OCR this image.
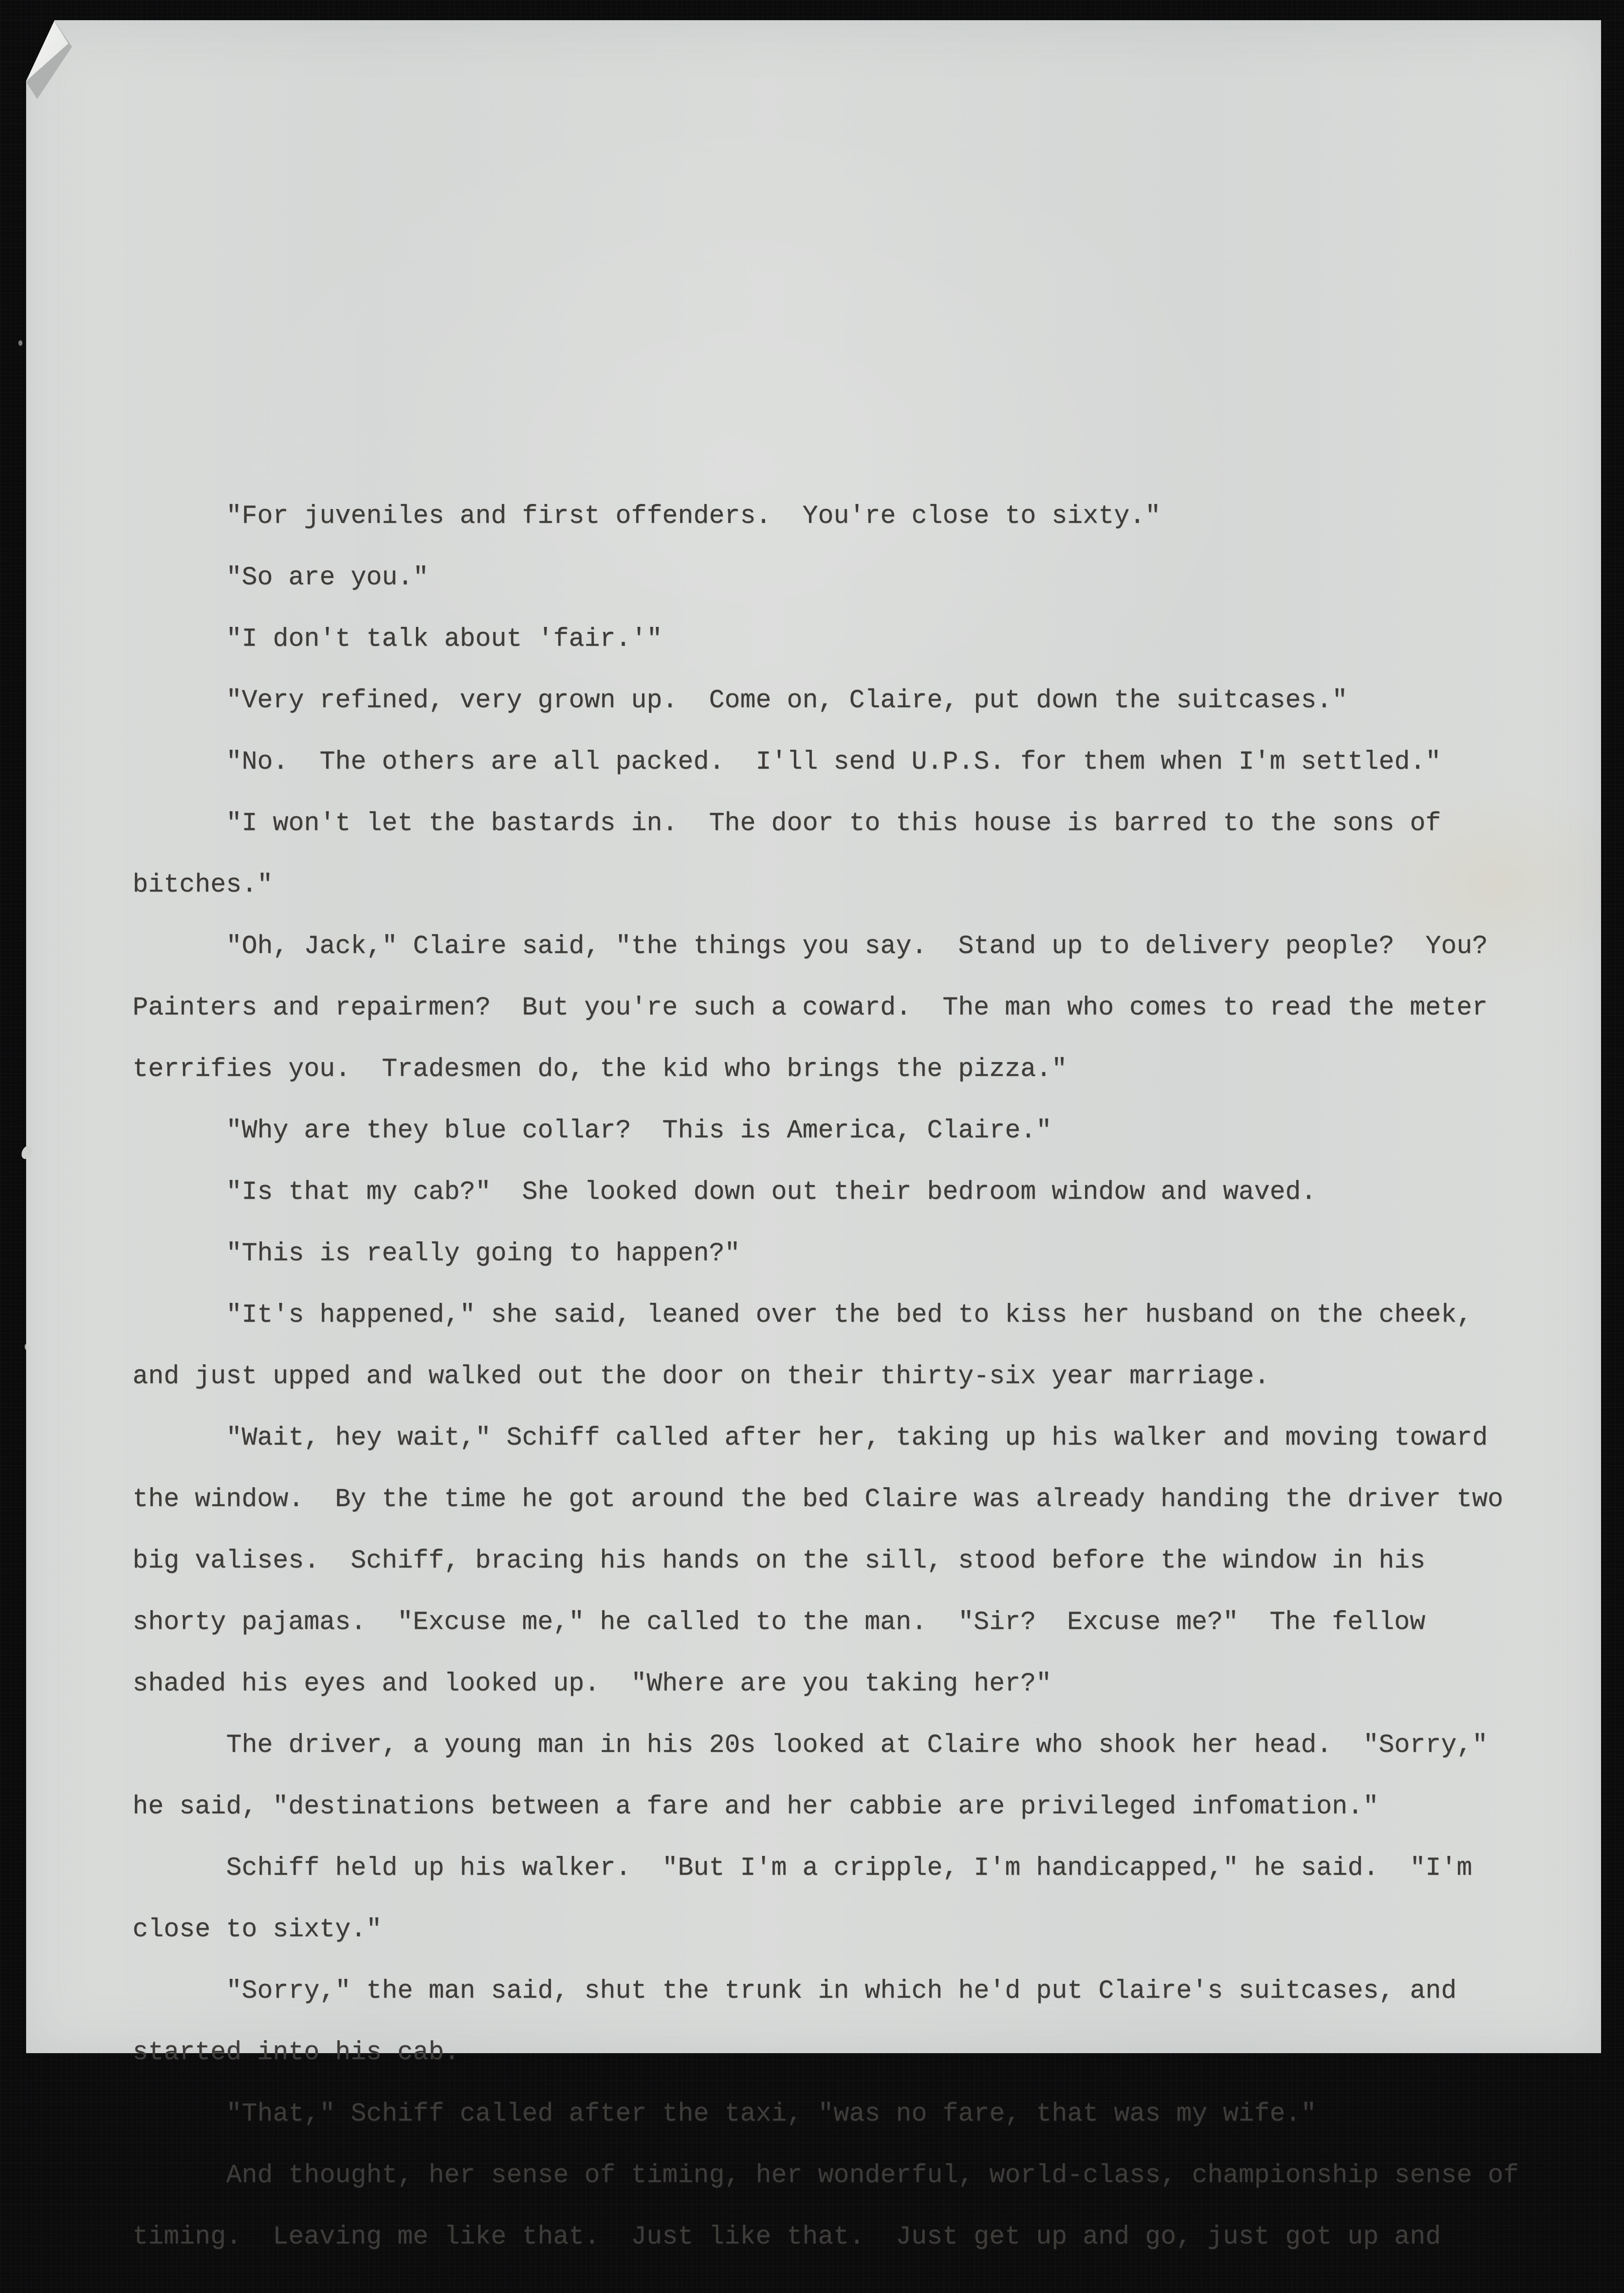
"For juveniles and first offenders.  You're close to sixty."
"So are you."
"I don't talk about 'fair.'"
"Very refined, very grown up.  Come on, Claire, put down the suitcases."
"No.  The others are all packed.  I'll send U.P.S. for them when I'm settled."
"I won't let the bastards in.  The door to this house is barred to the sons of
bitches."
"Oh, Jack," Claire said, "the things you say.  Stand up to delivery people?  You?
Painters and repairmen?  But you're such a coward.  The man who comes to read the meter
terrifies you.  Tradesmen do, the kid who brings the pizza."
"Why are they blue collar?  This is America, Claire."
"Is that my cab?"  She looked down out their bedroom window and waved.
"This is really going to happen?"
"It's happened," she said, leaned over the bed to kiss her husband on the cheek,
and just upped and walked out the door on their thirty-six year marriage.
"Wait, hey wait," Schiff called after her, taking up his walker and moving toward
the window.  By the time he got around the bed Claire was already handing the driver two
big valises.  Schiff, bracing his hands on the sill, stood before the window in his
shorty pajamas.  "Excuse me," he called to the man.  "Sir?  Excuse me?"  The fellow
shaded his eyes and looked up.  "Where are you taking her?"
The driver, a young man in his 20s looked at Claire who shook her head.  "Sorry,"
he said, "destinations between a fare and her cabbie are privileged infomation."
Schiff held up his walker.  "But I'm a cripple, I'm handicapped," he said.  "I'm
close to sixty."
"Sorry," the man said, shut the trunk in which he'd put Claire's suitcases, and
started into his cab.
"That," Schiff called after the taxi, "was no fare, that was my wife."
And thought, her sense of timing, her wonderful, world-class, championship sense of
timing.  Leaving me like that.  Just like that.  Just get up and go, just got up and
